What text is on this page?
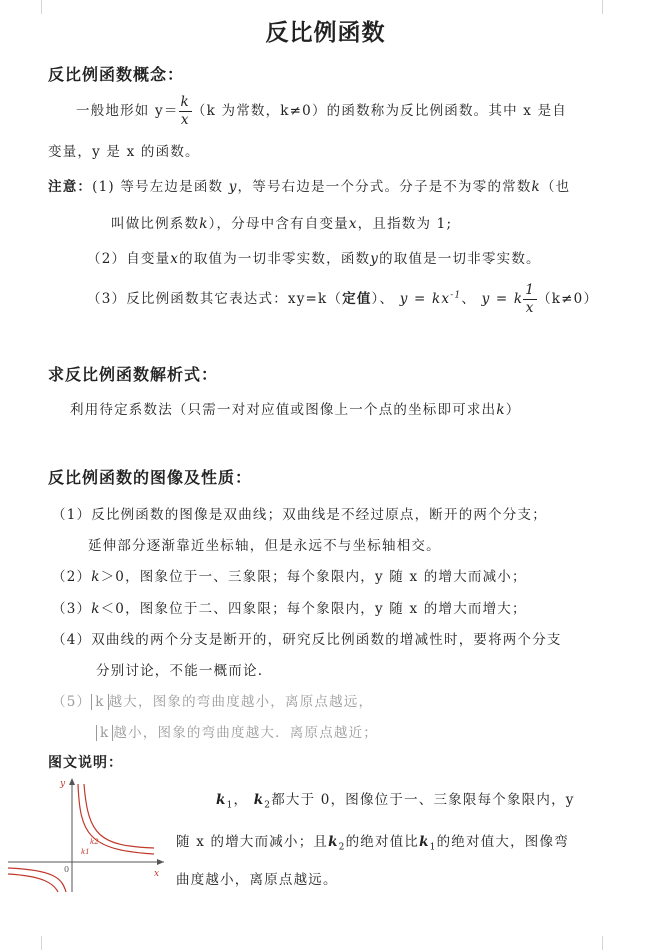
反比例函数
反比例函数概念：
一般地形如 $y= \frac{k}{x} (k$ 为常数，k≠0）的函数称为反比例函数。其中 x 是自
变量，y 是 x 的函数。
注意：(1) 等号左边是函数 y，等号右边是一个分式。分子是不为零的常数k（也
叫做比例系数k），分母中含有自变量x，且指数为 1;
（2）自变量x的取值为一切非零实数，函数y的取值是一切非零实数。
（3）反比例函数其它表达式：xy=k（定值）、 $y = kx^{-1}$、 y = k $\frac{1}{x} (k\ne 0)$
求反比例函数解析式：
利用待定系数法（只需一对对应值或图像上一个点的坐标即可求出k）
反比例函数的图像及性质：
（1）反比例函数的图像是双曲线；双曲线是不经过原点，断开的两个分支；
延伸部分逐渐靠近坐标轴，但是永远不与坐标轴相交。
（2）k＞0，图象位于一、三象限；每个象限内，y 随 x 的增大而减小；
（3）k＜0，图象位于二、四象限；每个象限内，y 随 x 的增大而增大；
（4）双曲线的两个分支是断开的，研究反比例函数的增减性时，要将两个分支
分别讨论，不能一概而论.
（5） k 越大，图象的弯曲度越小，离原点越远，
k 越小，图象的弯曲度越大．离原点越近；
图文说明：
y
x
0
k2
k1
$k_1$， $k_2$都大于 0，图像位于一、三象限每个象限内，y
随 x 的增大而减小；且$k_2$的绝对值比$k_1$的绝对值大，图像弯
曲度越小，离原点越远。
